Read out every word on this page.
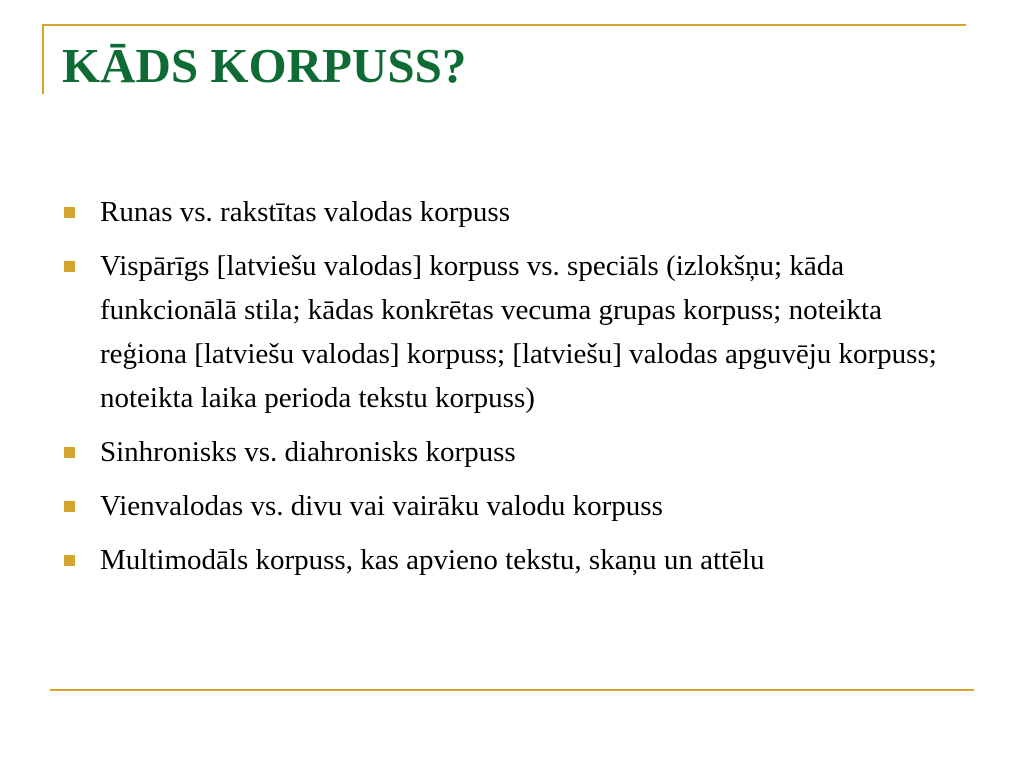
KĀDS KORPUSS?
Runas vs. rakstītas valodas korpuss
Vispārīgs [latviešu valodas] korpuss vs. speciāls (izlokšņu; kāda funkcionālā stila; kādas konkrētas vecuma grupas korpuss; noteikta reģiona [latviešu valodas] korpuss; [latviešu] valodas apguvēju korpuss; noteikta laika perioda tekstu korpuss)
Sinhronisks vs. diahronisks korpuss
Vienvalodas vs. divu vai vairāku valodu korpuss
Multimodāls korpuss, kas apvieno tekstu, skaņu un attēlu
